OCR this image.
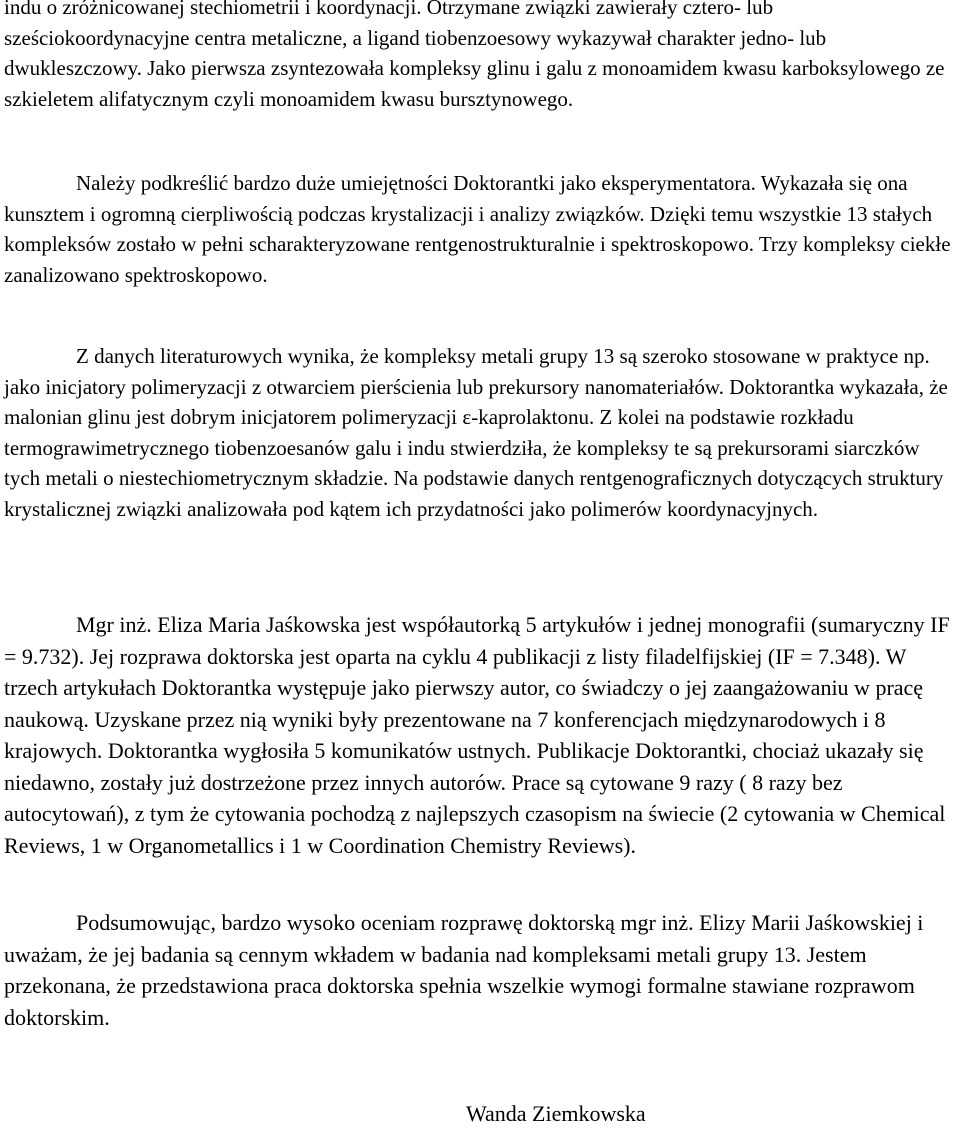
indu o zróżnicowanej stechiometrii i koordynacji. Otrzymane związki zawierały cztero- lub sześciokoordynacyjne centra metaliczne, a ligand tiobenzoesowy wykazywał charakter jedno- lub dwukleszczowy. Jako pierwsza zsyntezowała kompleksy glinu i galu z monoamidem kwasu karboksylowego ze szkieletem alifatycznym czyli monoamidem kwasu bursztynowego.

Należy podkreślić bardzo duże umiejętności Doktorantki jako eksperymentatora. Wykazała się ona kunsztem i ogromną cierpliwością podczas krystalizacji i analizy związków. Dzięki temu wszystkie 13 stałych kompleksów zostało w pełni scharakteryzowane rentgenostrukturalnie i spektroskopowo. Trzy kompleksy ciekłe zanalizowano spektroskopowo.

Z danych literaturowych wynika, że kompleksy metali grupy 13 są szeroko stosowane w praktyce np. jako inicjatory polimeryzacji z otwarciem pierścienia lub prekursory nanomateriałów. Doktorantka wykazała, że malonian glinu jest dobrym inicjatorem polimeryzacji ε-kaprolaktonu. Z kolei na podstawie rozkładu termograwimetrycznego tiobenzoesanów galu i indu stwierdziła, że kompleksy te są prekursorami siarczków tych metali o niestechiometrycznym składzie. Na podstawie danych rentgenograficznych dotyczących struktury krystalicznej związki analizowała pod kątem ich przydatności jako polimerów koordynacyjnych.

Mgr inż. Eliza Maria Jaśkowska jest współautorką 5 artykułów i jednej monografii (sumaryczny IF = 9.732). Jej rozprawa doktorska jest oparta na cyklu 4 publikacji z listy filadelfijskiej (IF = 7.348). W trzech artykułach Doktorantka występuje jako pierwszy autor, co świadczy o jej zaangażowaniu w pracę naukową. Uzyskane przez nią wyniki były prezentowane na 7 konferencjach międzynarodowych i 8 krajowych. Doktorantka wygłosiła 5 komunikatów ustnych. Publikacje Doktorantki, chociaż ukazały się niedawno, zostały już dostrzeżone przez innych autorów. Prace są cytowane 9 razy ( 8 razy bez autocytowań), z tym że cytowania pochodzą z najlepszych czasopism na świecie (2 cytowania w Chemical Reviews, 1 w Organometallics i 1 w Coordination Chemistry Reviews).

Podsumowując, bardzo wysoko oceniam rozprawę doktorską mgr inż. Elizy Marii Jaśkowskiej i uważam, że jej badania są cennym wkładem w badania nad kompleksami metali grupy 13. Jestem przekonana, że przedstawiona praca doktorska spełnia wszelkie wymogi formalne stawiane rozprawom doktorskim.

Wanda Ziemkowska
